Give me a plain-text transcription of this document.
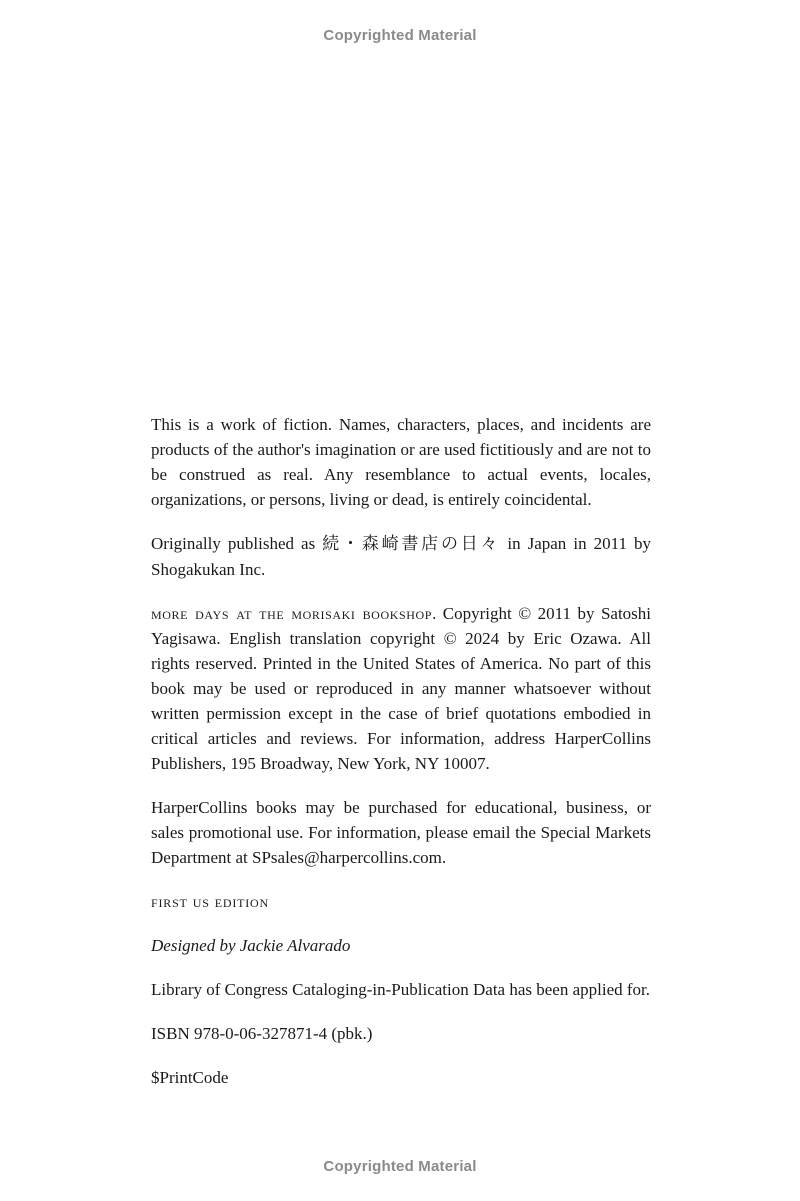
Copyrighted Material

This is a work of fiction. Names, characters, places, and incidents are products of the author's imagination or are used fictitiously and are not to be construed as real. Any resemblance to actual events, locales, organizations, or persons, living or dead, is entirely coincidental.

Originally published as 続・森崎書店の日々 in Japan in 2011 by Shogakukan Inc.

more days at the morisaki bookshop. Copyright © 2011 by Satoshi Yagisawa. English translation copyright © 2024 by Eric Ozawa. All rights reserved. Printed in the United States of America. No part of this book may be used or reproduced in any manner whatsoever without written permission except in the case of brief quotations embodied in critical articles and reviews. For information, address HarperCollins Publishers, 195 Broadway, New York, NY 10007.

HarperCollins books may be purchased for educational, business, or sales promotional use. For information, please email the Special Markets Department at SPsales@harpercollins.com.

first us edition

Designed by Jackie Alvarado

Library of Congress Cataloging-in-Publication Data has been applied for.

ISBN 978-0-06-327871-4 (pbk.)

$PrintCode

Copyrighted Material
